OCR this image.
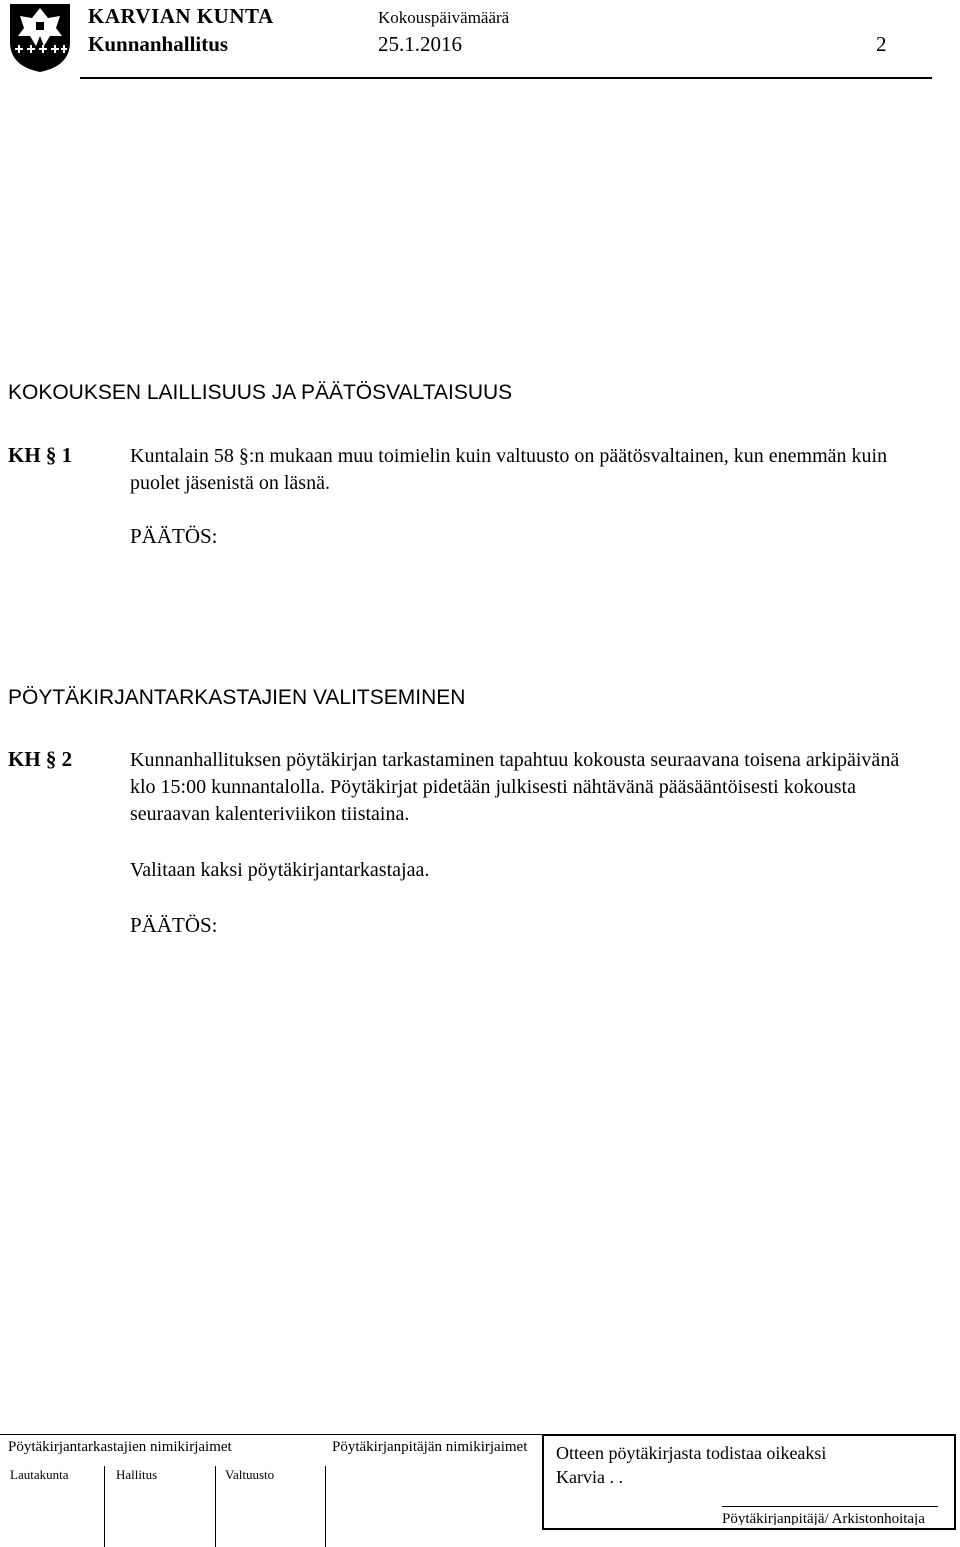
KARVIAN KUNTA
Kunnanhallitus
Kokouspäivämäärä
25.1.2016	2
KOKOUKSEN LAILLISUUS JA PÄÄTÖSVALTAISUUS
KH § 1	Kuntalain 58 §:n mukaan muu toimielin kuin valtuusto on päätösvaltainen, kun enemmän kuin puolet jäsenistä on läsnä.
PÄÄTÖS:
PÖYTÄKIRJANTARKASTAJIEN VALITSEMINEN
KH § 2	Kunnanhallituksen pöytäkirjan tarkastaminen tapahtuu kokousta seuraavana toisena arkipäivänä klo 15:00 kunnantalolla. Pöytäkirjat pidetään julkisesti nähtävänä pääsääntöisesti kokousta seuraavan kalenteriviikon tiistaina.
Valitaan kaksi pöytäkirjantarkastajaa.
PÄÄTÖS:
Pöytäkirjantarkastajien nimikirjaimet	Pöytäkirjanpitäjän nimikirjaimet
Lautakunta	Hallitus	Valtuusto
Otteen pöytäkirjasta todistaa oikeaksi
Karvia . .
Pöytäkirjanpitäjä/ Arkistonhoitaja
